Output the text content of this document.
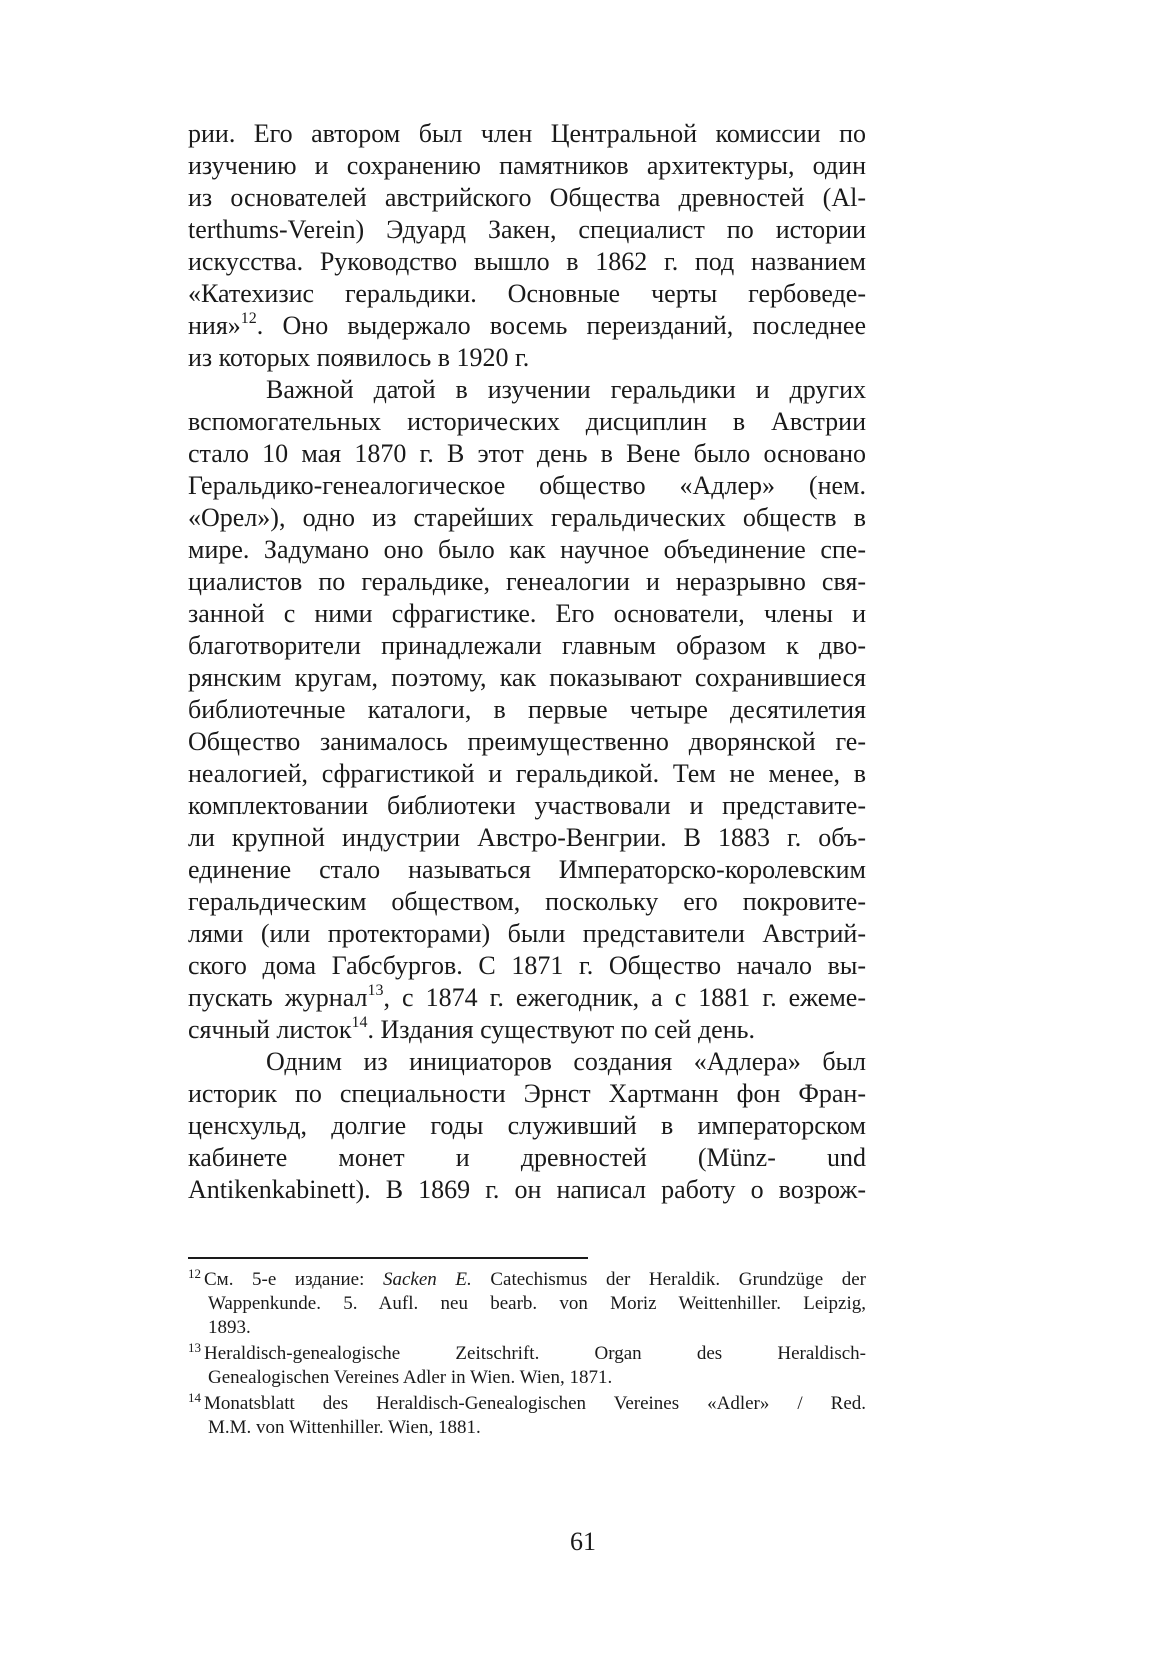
рии. Его автором был член Центральной комиссии по
изучению и сохранению памятников архитектуры, один
из основателей австрийского Общества древностей (Al-
terthums-Verein) Эдуард Закен, специалист по истории
искусства. Руководство вышло в 1862 г. под названием
«Катехизис геральдики. Основные черты гербоведе-
ния»$^{12}$. Оно выдержало восемь переизданий, последнее
из которых появилось в 1920 г.

Важной датой в изучении геральдики и других
вспомогательных исторических дисциплин в Австрии
стало 10 мая 1870 г. В этот день в Вене было основано
Геральдико-генеалогическое общество «Адлер» (нем.
«Орел»), одно из старейших геральдических обществ в
мире. Задумано оно было как научное объединение спе-
циалистов по геральдике, генеалогии и неразрывно свя-
занной с ними сфрагистике. Его основатели, члены и
благотворители принадлежали главным образом к дво-
рянским кругам, поэтому, как показывают сохранившиеся
библиотечные каталоги, в первые четыре десятилетия
Общество занималось преимущественно дворянской ге-
неалогией, сфрагистикой и геральдикой. Тем не менее, в
комплектовании библиотеки участвовали и представите-
ли крупной индустрии Австро-Венгрии. В 1883 г. объ-
единение стало называться Императорско-королевским
геральдическим обществом, поскольку его покровите-
лями (или протекторами) были представители Австрий-
ского дома Габсбургов. С 1871 г. Общество начало вы-
пускать журнал$^{13}$, с 1874 г. ежегодник, а с 1881 г. ежеме-
сячный листок$^{14}$. Издания существуют по сей день.

Одним из инициаторов создания «Адлера» был
историк по специальности Эрнст Хартманн фон Фран-
ценсхульд, долгие годы служивший в императорском
кабинете монет и древностей (Münz- und
Antikenkabinett). В 1869 г. он написал работу о возрож-

$^{12}$ См. 5-е издание: Sacken E. Catechismus der Heraldik. Grundzüge der
Wappenkunde. 5. Aufl. neu bearb. von Moriz Weittenhiller. Leipzig,
1893.
$^{13}$ Heraldisch-genealogische Zeitschrift. Organ des Heraldisch-
Genealogischen Vereines Adler in Wien. Wien, 1871.
$^{14}$ Monatsblatt des Heraldisch-Genealogischen Vereines «Adler» / Red.
M.M. von Wittenhiller. Wien, 1881.
61
